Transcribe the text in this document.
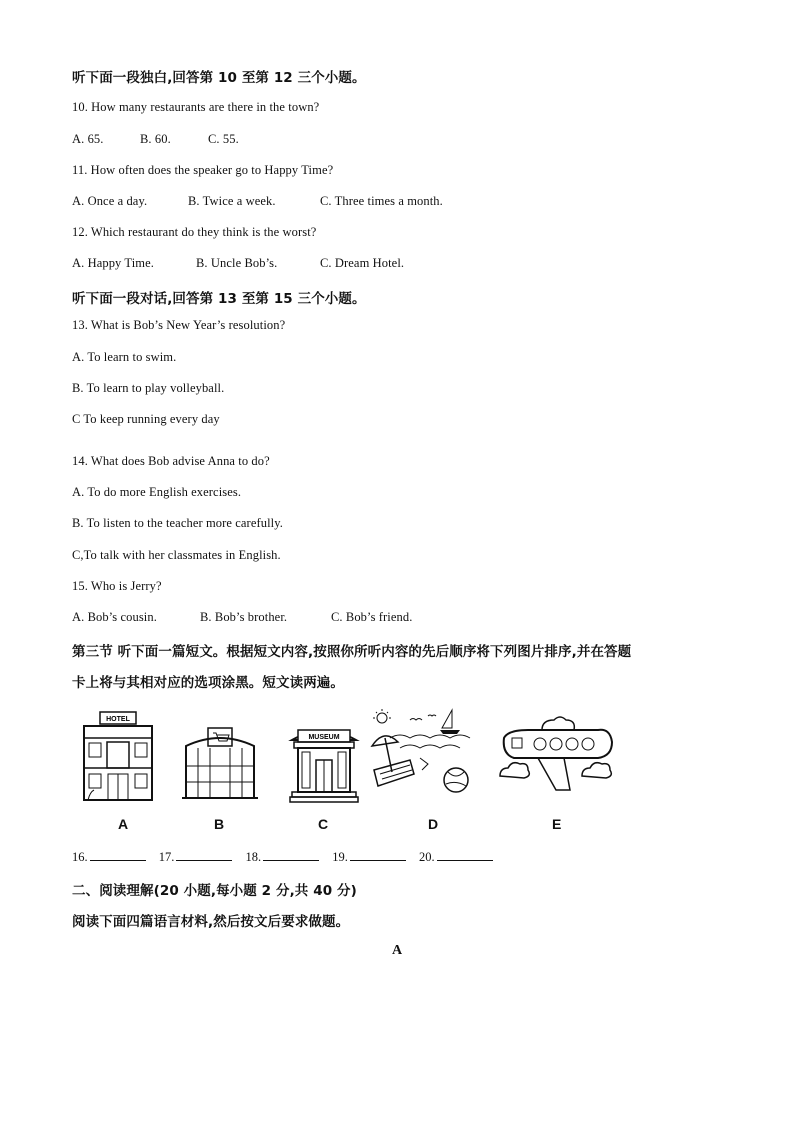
听下面一段独白,回答第 10 至第 12 三个小题。
10. How many restaurants are there in the town?
A. 65.	B. 60.	C. 55.
11. How often does the speaker go to Happy Time?
A. Once a day.	B. Twice a week.	C. Three times a month.
12. Which restaurant do they think is the worst?
A. Happy Time.	B. Uncle Bob’s.	C. Dream Hotel.
听下面一段对话,回答第 13 至第 15 三个小题。
13. What is Bob’s New Year’s resolution?
A. To learn to swim.
B. To learn to play volleyball.
C To keep running every day
14. What does Bob advise Anna to do?
A. To do more English exercises.
B. To listen to the teacher more carefully.
C,To talk with her classmates in English.
15. Who is Jerry?
A. Bob’s cousin.	B. Bob’s brother.	C. Bob’s friend.
第三节 听下面一篇短文。根据短文内容,按照你所听内容的先后顺序将下列图片排序,并在答题
卡上将与其相对应的选项涂黑。短文读两遍。
HOTEL
A	B
MUSEUM
C	D	E
16.	17.	18.	19.	20.
二、阅读理解(20 小题,每小题 2 分,共 40 分)
阅读下面四篇语言材料,然后按文后要求做题。
A
